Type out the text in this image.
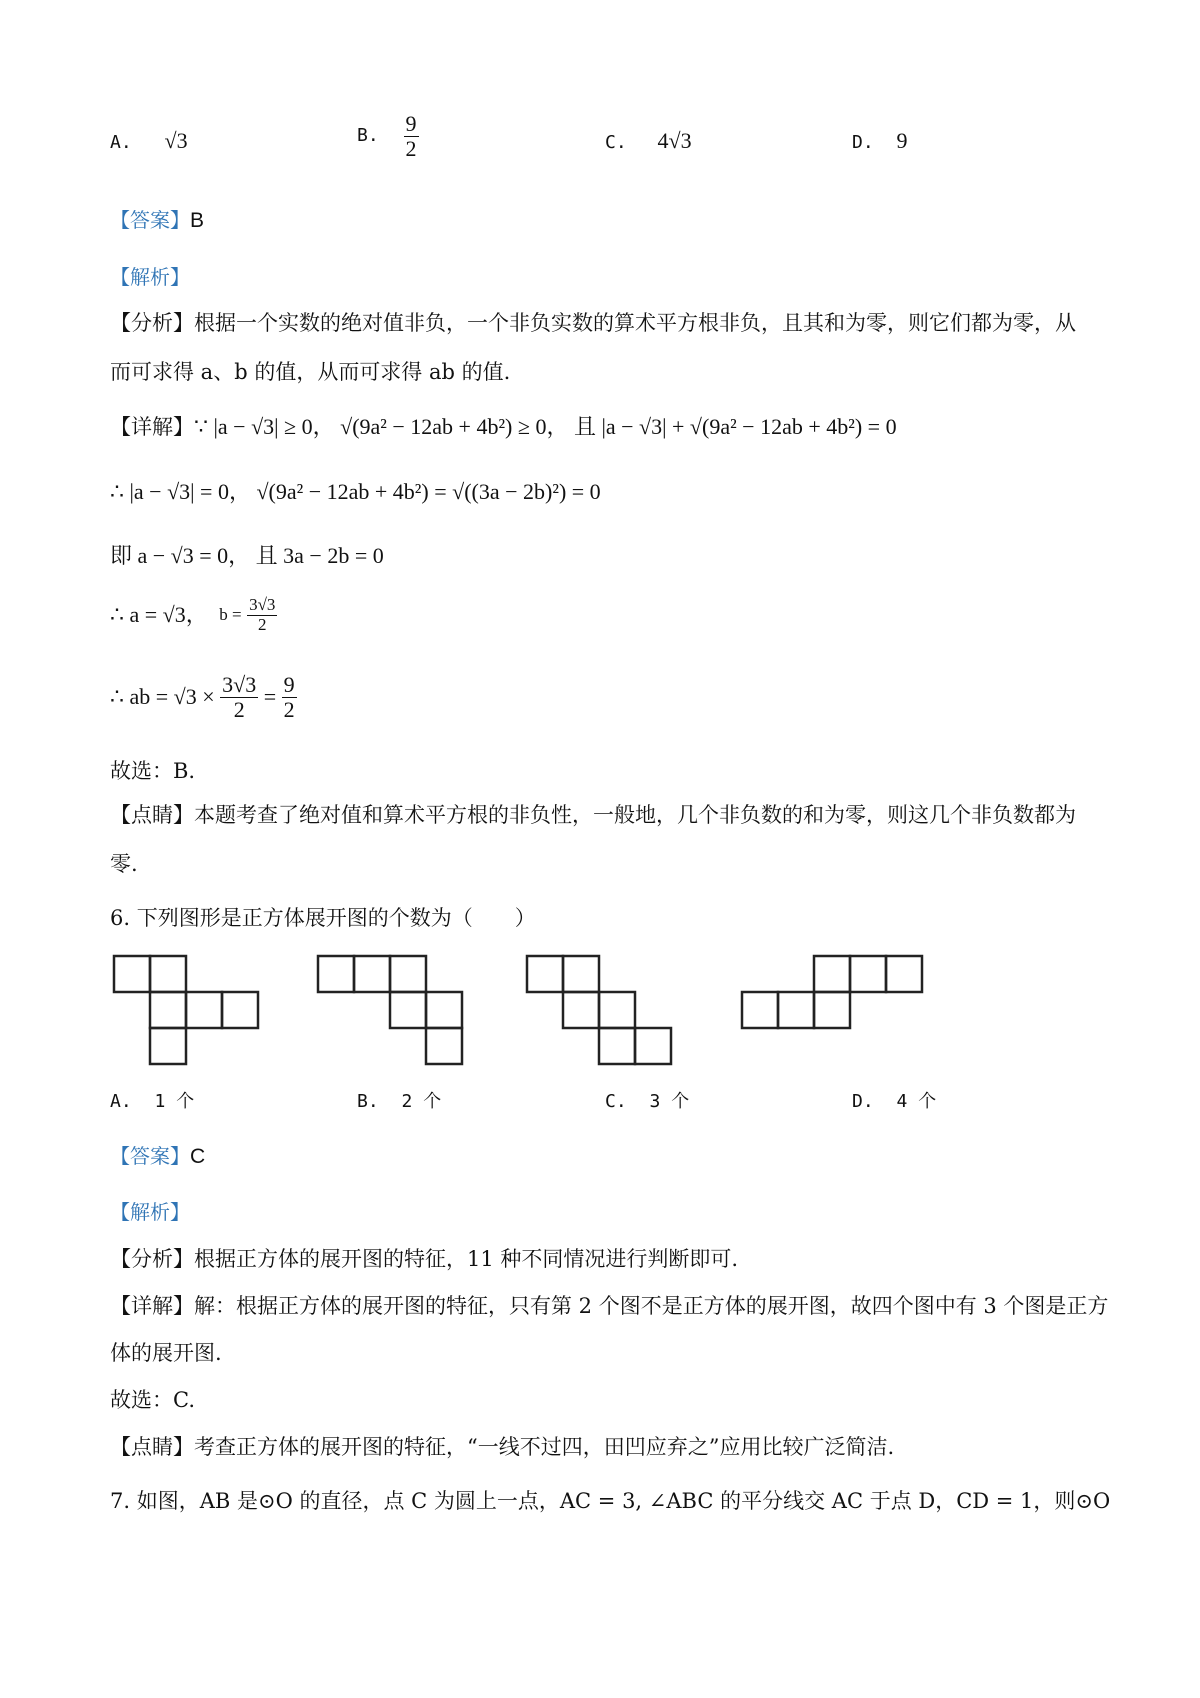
A. √3	B. $\frac{9}{2}$	C. 4√3	D. 9
【答案】B
【解析】
【分析】根据一个实数的绝对值非负，一个非负实数的算术平方根非负，且其和为零，则它们都为零，从
而可求得 a、b 的值，从而可求得 ab 的值.
【详解】∵ |a − √3| ≥ 0， √(9a² − 12ab + 4b²) ≥ 0， 且 |a − √3| + √(9a² − 12ab + 4b²) = 0
∴ |a − √3| = 0， √(9a² − 12ab + 4b²) = √((3a − 2b)²) = 0
即 a − √3 = 0， 且 3a − 2b = 0
∴ a = √3， $b = \frac{3√3}{2}$
∴ ab = $√3 \times \frac{3√3}{2} = \frac{9}{2}$
故选：B.
【点睛】本题考查了绝对值和算术平方根的非负性，一般地，几个非负数的和为零，则这几个非负数都为
零.
6. 下列图形是正方体展开图的个数为（　　）
A. 1 个	B. 2 个	C. 3 个	D. 4 个
【答案】C
【解析】
【分析】根据正方体的展开图的特征，11 种不同情况进行判断即可.
【详解】解：根据正方体的展开图的特征，只有第 2 个图不是正方体的展开图，故四个图中有 3 个图是正方
体的展开图.
故选：C.
【点睛】考查正方体的展开图的特征，“一线不过四，田凹应弃之”应用比较广泛简洁.
7. 如图，AB 是⊙O 的直径，点 C 为圆上一点，AC = 3, ∠ABC 的平分线交 AC 于点 D，CD = 1，则⊙O
